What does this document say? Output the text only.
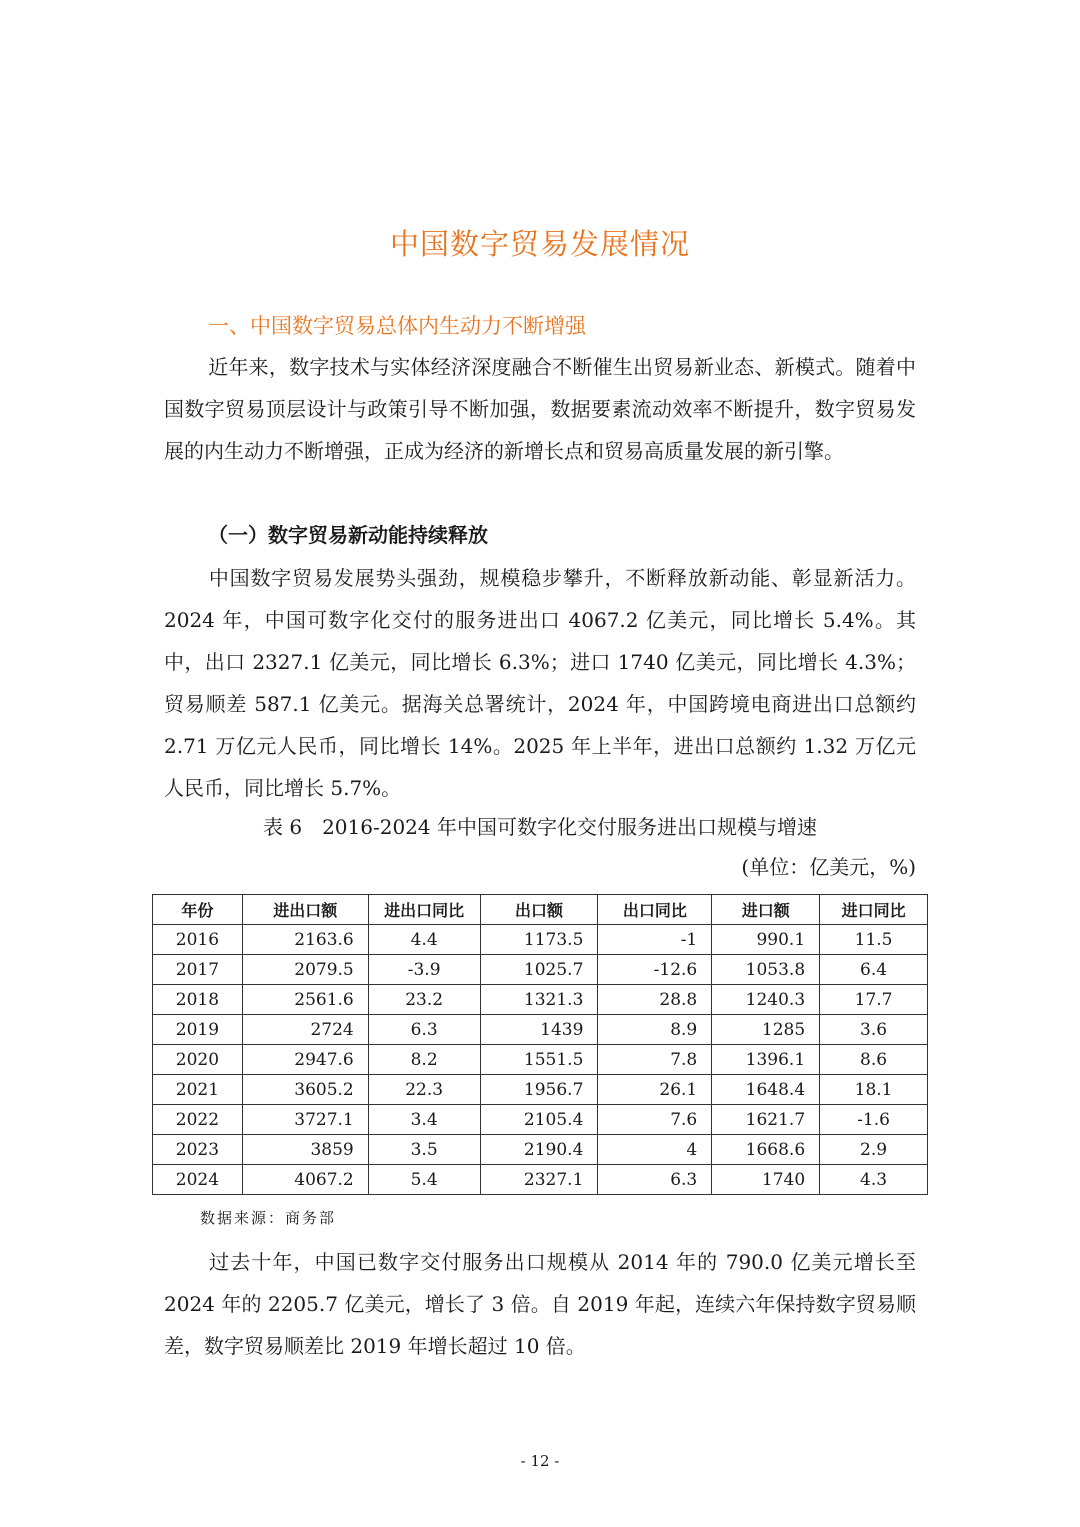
中国数字贸易发展情况
一、中国数字贸易总体内生动力不断增强

近年来，数字技术与实体经济深度融合不断催生出贸易新业态、新模式。随着中国数字贸易顶层设计与政策引导不断加强，数据要素流动效率不断提升，数字贸易发展的内生动力不断增强，正成为经济的新增长点和贸易高质量发展的新引擎。

（一）数字贸易新动能持续释放

中国数字贸易发展势头强劲，规模稳步攀升，不断释放新动能、彰显新活力。2024 年，中国可数字化交付的服务进出口 4067.2 亿美元，同比增长 5.4%。其中，出口 2327.1 亿美元，同比增长 6.3%；进口 1740 亿美元，同比增长 4.3%；贸易顺差 587.1 亿美元。据海关总署统计，2024 年，中国跨境电商进出口总额约 2.71 万亿元人民币，同比增长 14%。2025 年上半年，进出口总额约 1.32 万亿元人民币，同比增长 5.7%。

表 6　2016-2024 年中国可数字化交付服务进出口规模与增速
(单位：亿美元，%)
年份	进出口额	进出口同比	出口额	出口同比	进口额	进口同比
2016	2163.6	4.4	1173.5	-1	990.1	11.5
2017	2079.5	-3.9	1025.7	-12.6	1053.8	6.4
2018	2561.6	23.2	1321.3	28.8	1240.3	17.7
2019	2724	6.3	1439	8.9	1285	3.6
2020	2947.6	8.2	1551.5	7.8	1396.1	8.6
2021	3605.2	22.3	1956.7	26.1	1648.4	18.1
2022	3727.1	3.4	2105.4	7.6	1621.7	-1.6
2023	3859	3.5	2190.4	4	1668.6	2.9
2024	4067.2	5.4	2327.1	6.3	1740	4.3
数据来源：商务部

过去十年，中国已数字交付服务出口规模从 2014 年的 790.0 亿美元增长至 2024 年的 2205.7 亿美元，增长了 3 倍。自 2019 年起，连续六年保持数字贸易顺差，数字贸易顺差比 2019 年增长超过 10 倍。

- 12 -
